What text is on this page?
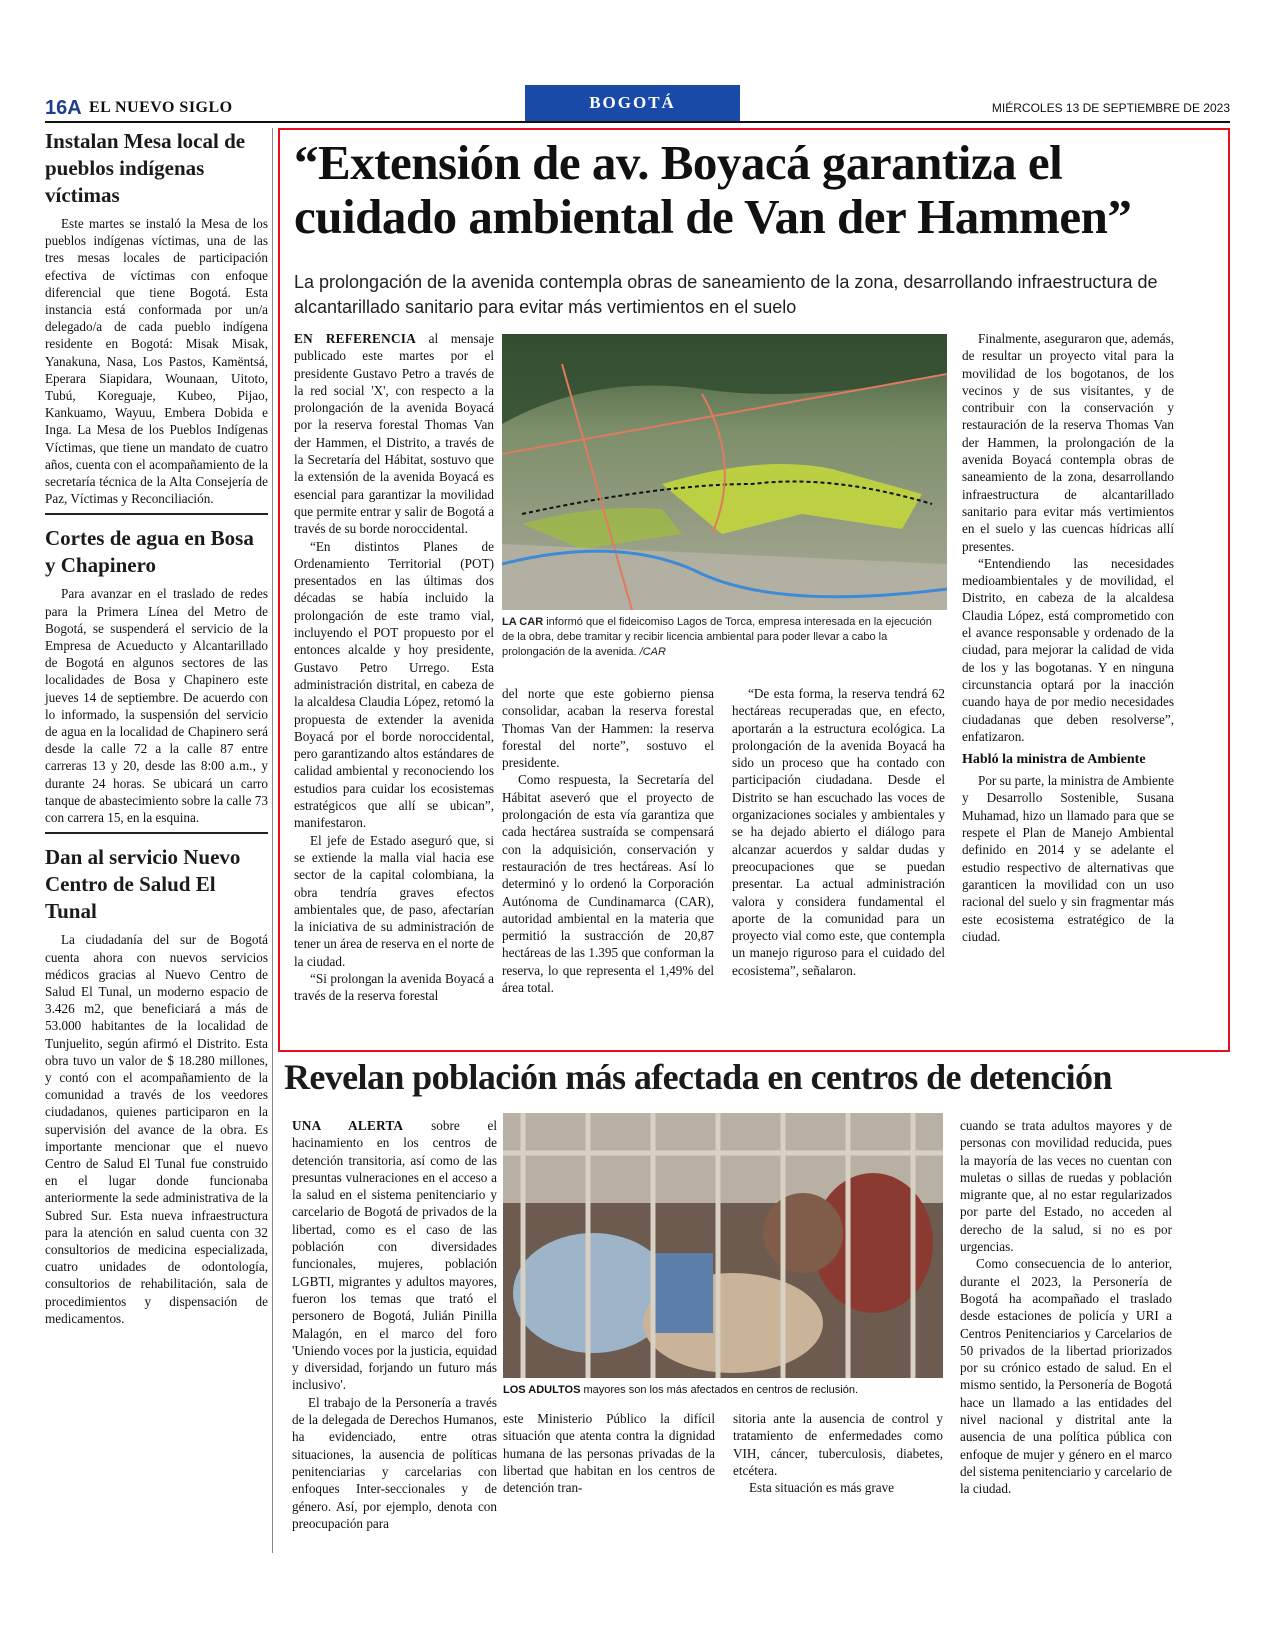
16A EL NUEVO SIGLO	BOGOTÁ	MIÉRCOLES 13 DE SEPTIEMBRE DE 2023
Instalan Mesa local de pueblos indígenas víctimas

Este martes se instaló la Mesa de los pueblos indígenas víctimas, una de las tres mesas locales de participación efectiva de víctimas con enfoque diferencial que tiene Bogotá. Esta instancia está conformada por un/a delegado/a de cada pueblo indígena residente en Bogotá: Misak Misak, Yanakuna, Nasa, Los Pastos, Kamëntsá, Eperara Siapidara, Wounaan, Uitoto, Tubú, Koreguaje, Kubeo, Pijao, Kankuamo, Wayuu, Embera Dobida e Inga. La Mesa de los Pueblos Indígenas Víctimas, que tiene un mandato de cuatro años, cuenta con el acompañamiento de la secretaría técnica de la Alta Consejería de Paz, Víctimas y Reconciliación.

Cortes de agua en Bosa y Chapinero

Para avanzar en el traslado de redes para la Primera Línea del Metro de Bogotá, se suspenderá el servicio de la Empresa de Acueducto y Alcantarillado de Bogotá en algunos sectores de las localidades de Bosa y Chapinero este jueves 14 de septiembre. De acuerdo con lo informado, la suspensión del servicio de agua en la localidad de Chapinero será desde la calle 72 a la calle 87 entre carreras 13 y 20, desde las 8:00 a.m., y durante 24 horas. Se ubicará un carro tanque de abastecimiento sobre la calle 73 con carrera 15, en la esquina.

Dan al servicio Nuevo Centro de Salud El Tunal

La ciudadanía del sur de Bogotá cuenta ahora con nuevos servicios médicos gracias al Nuevo Centro de Salud El Tunal, un moderno espacio de 3.426 m2, que beneficiará a más de 53.000 habitantes de la localidad de Tunjuelito, según afirmó el Distrito. Esta obra tuvo un valor de $ 18.280 millones, y contó con el acompañamiento de la comunidad a través de los veedores ciudadanos, quienes participaron en la supervisión del avance de la obra. Es importante mencionar que el nuevo Centro de Salud El Tunal fue construido en el lugar donde funcionaba anteriormente la sede administrativa de la Subred Sur. Esta nueva infraestructura para la atención en salud cuenta con 32 consultorios de medicina especializada, cuatro unidades de odontología, consultorios de rehabilitación, sala de procedimientos y dispensación de medicamentos.

“Extensión de av. Boyacá garantiza el cuidado ambiental de Van der Hammen”
La prolongación de la avenida contempla obras de saneamiento de la zona, desarrollando infraestructura de alcantarillado sanitario para evitar más vertimientos en el suelo

EN REFERENCIA al mensaje publicado este martes por el presidente Gustavo Petro a través de la red social 'X', con respecto a la prolongación de la avenida Boyacá por la reserva forestal Thomas Van der Hammen, el Distrito, a través de la Secretaría del Hábitat, sostuvo que la extensión de la avenida Boyacá es esencial para garantizar la movilidad que permite entrar y salir de Bogotá a través de su borde noroccidental.

“En distintos Planes de Ordenamiento Territorial (POT) presentados en las últimas dos décadas se había incluido la prolongación de este tramo vial, incluyendo el POT propuesto por el entonces alcalde y hoy presidente, Gustavo Petro Urrego. Esta administración distrital, en cabeza de la alcaldesa Claudia López, retomó la propuesta de extender la avenida Boyacá por el borde noroccidental, pero garantizando altos estándares de calidad ambiental y reconociendo los estudios para cuidar los ecosistemas estratégicos que allí se ubican”, manifestaron.

El jefe de Estado aseguró que, si se extiende la malla vial hacia ese sector de la capital colombiana, la obra tendría graves efectos ambientales que, de paso, afectarían la iniciativa de su administración de tener un área de reserva en el norte de la ciudad.

“Si prolongan la avenida Boyacá a través de la reserva forestal

LA CAR informó que el fideicomiso Lagos de Torca, empresa interesada en la ejecución de la obra, debe tramitar y recibir licencia ambiental para poder llevar a cabo la prolongación de la avenida. /CAR

del norte que este gobierno piensa consolidar, acaban la reserva forestal Thomas Van der Hammen: la reserva forestal del norte”, sostuvo el presidente.

Como respuesta, la Secretaría del Hábitat aseveró que el proyecto de prolongación de esta vía garantiza que cada hectárea sustraída se compensará con la adquisición, conservación y restauración de tres hectáreas. Así lo determinó y lo ordenó la Corporación Autónoma de Cundinamarca (CAR), autoridad ambiental en la materia que permitió la sustracción de 20,87 hectáreas de las 1.395 que conforman la reserva, lo que representa el 1,49% del área total.

“De esta forma, la reserva tendrá 62 hectáreas recuperadas que, en efecto, aportarán a la estructura ecológica. La prolongación de la avenida Boyacá ha sido un proceso que ha contado con participación ciudadana. Desde el Distrito se han escuchado las voces de organizaciones sociales y ambientales y se ha dejado abierto el diálogo para alcanzar acuerdos y saldar dudas y preocupaciones que se puedan presentar. La actual administración valora y considera fundamental el aporte de la comunidad para un proyecto vial como este, que contempla un manejo riguroso para el cuidado del ecosistema”, señalaron.

Finalmente, aseguraron que, además, de resultar un proyecto vital para la movilidad de los bogotanos, de los vecinos y de sus visitantes, y de contribuir con la conservación y restauración de la reserva Thomas Van der Hammen, la prolongación de la avenida Boyacá contempla obras de saneamiento de la zona, desarrollando infraestructura de alcantarillado sanitario para evitar más vertimientos en el suelo y las cuencas hídricas allí presentes.

“Entendiendo las necesidades medioambientales y de movilidad, el Distrito, en cabeza de la alcaldesa Claudia López, está comprometido con el avance responsable y ordenado de la ciudad, para mejorar la calidad de vida de los y las bogotanas. Y en ninguna circunstancia optará por la inacción cuando haya de por medio necesidades ciudadanas que deben resolverse”, enfatizaron.

Habló la ministra de Ambiente

Por su parte, la ministra de Ambiente y Desarrollo Sostenible, Susana Muhamad, hizo un llamado para que se respete el Plan de Manejo Ambiental definido en 2014 y se adelante el estudio respectivo de alternativas que garanticen la movilidad con un uso racional del suelo y sin fragmentar más este ecosistema estratégico de la ciudad.

Revelan población más afectada en centros de detención

UNA ALERTA sobre el hacinamiento en los centros de detención transitoria, así como de las presuntas vulneraciones en el acceso a la salud en el sistema penitenciario y carcelario de Bogotá de privados de la libertad, como es el caso de las población con diversidades funcionales, mujeres, población LGBTI, migrantes y adultos mayores, fueron los temas que trató el personero de Bogotá, Julián Pinilla Malagón, en el marco del foro 'Uniendo voces por la justicia, equidad y diversidad, forjando un futuro más inclusivo'.

El trabajo de la Personería a través de la delegada de Derechos Humanos, ha evidenciado, entre otras situaciones, la ausencia de políticas penitenciarias y carcelarias con enfoques Inter-seccionales y de género. Así, por ejemplo, denota con preocupación para

LOS ADULTOS mayores son los más afectados en centros de reclusión.

este Ministerio Público la difícil situación que atenta contra la dignidad humana de las personas privadas de la libertad que habitan en los centros de detención tran-

sitoria ante la ausencia de control y tratamiento de enfermedades como VIH, cáncer, tuberculosis, diabetes, etcétera.

Esta situación es más grave

cuando se trata adultos mayores y de personas con movilidad reducida, pues la mayoría de las veces no cuentan con muletas o sillas de ruedas y población migrante que, al no estar regularizados por parte del Estado, no acceden al derecho de la salud, si no es por urgencias.

Como consecuencia de lo anterior, durante el 2023, la Personería de Bogotá ha acompañado el traslado desde estaciones de policía y URI a Centros Penitenciarios y Carcelarios de 50 privados de la libertad priorizados por su crónico estado de salud. En el mismo sentido, la Personería de Bogotá hace un llamado a las entidades del nivel nacional y distrital ante la ausencia de una política pública con enfoque de mujer y género en el marco del sistema penitenciario y carcelario de la ciudad.
